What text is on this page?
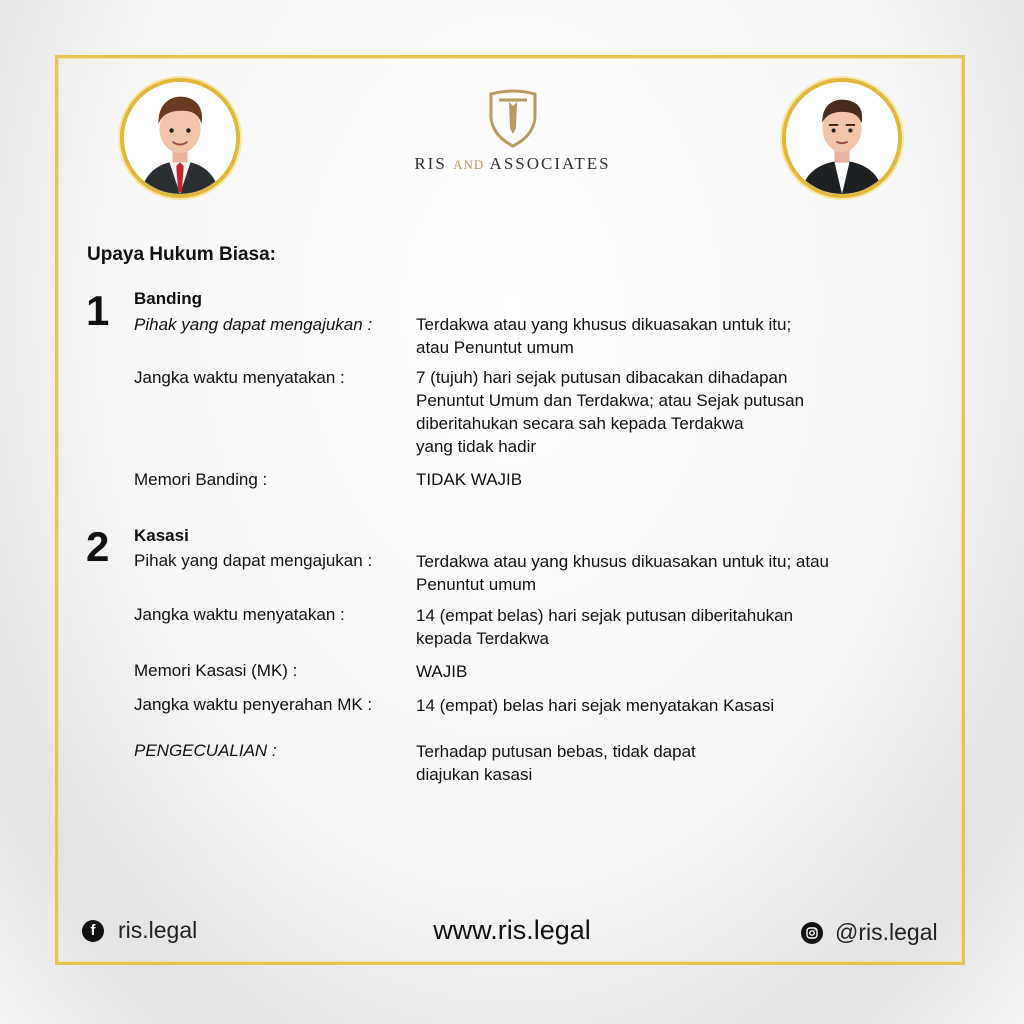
RIS AND ASSOCIATES
Upaya Hukum Biasa:
1 Banding
Pihak yang dapat mengajukan :	Terdakwa atau yang khusus dikuasakan untuk itu;
atau Penuntut umum
Jangka waktu menyatakan :	7 (tujuh) hari sejak putusan dibacakan dihadapan
Penuntut Umum dan Terdakwa; atau Sejak putusan
diberitahukan secara sah kepada Terdakwa
yang tidak hadir
Memori Banding :	TIDAK WAJIB
2 Kasasi
Pihak yang dapat mengajukan :	Terdakwa atau yang khusus dikuasakan untuk itu; atau
Penuntut umum
Jangka waktu menyatakan :	14 (empat belas) hari sejak putusan diberitahukan
kepada Terdakwa
Memori Kasasi (MK) :	WAJIB
Jangka waktu penyerahan MK :	14 (empat) belas hari sejak menyatakan Kasasi
PENGECUALIAN :	Terhadap putusan bebas, tidak dapat
diajukan kasasi
f ris.legal	www.ris.legal	@ris.legal
